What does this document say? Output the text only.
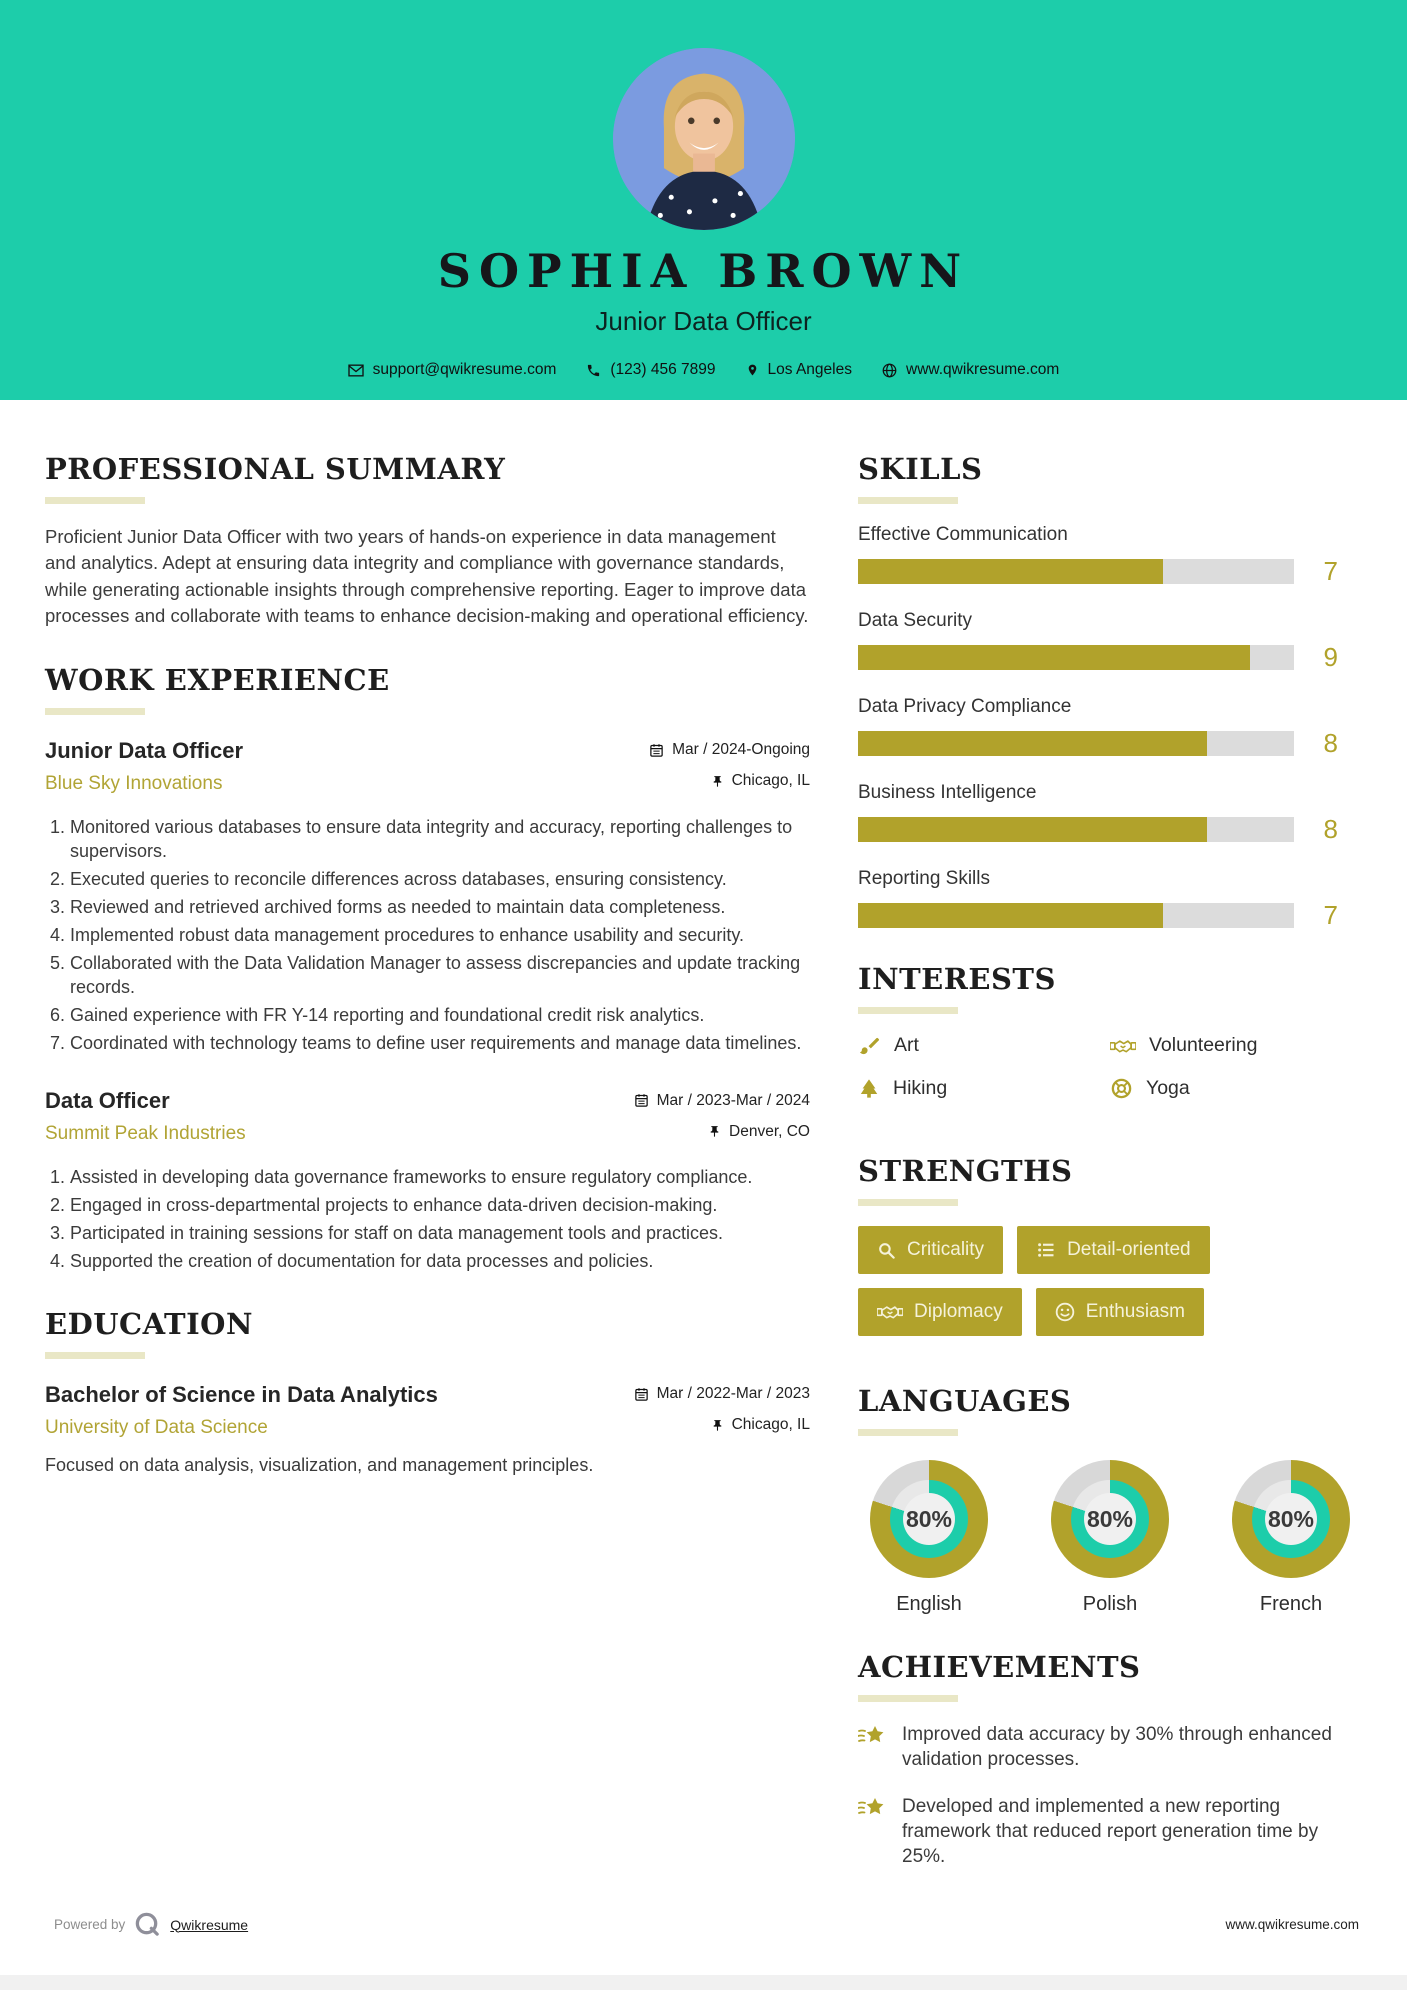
SOPHIA BROWN
Junior Data Officer
support@qwikresume.com	(123) 456 7899	Los Angeles	www.qwikresume.com
PROFESSIONAL SUMMARY

Proficient Junior Data Officer with two years of hands-on experience in data management and analytics. Adept at ensuring data integrity and compliance with governance standards, while generating actionable insights through comprehensive reporting. Eager to improve data processes and collaborate with teams to enhance decision-making and operational efficiency.

WORK EXPERIENCE
Junior Data Officer	Mar / 2024-Ongoing
Blue Sky Innovations	Chicago, IL
1. Monitored various databases to ensure data integrity and accuracy, reporting challenges to supervisors.
2. Executed queries to reconcile differences across databases, ensuring consistency.
3. Reviewed and retrieved archived forms as needed to maintain data completeness.
4. Implemented robust data management procedures to enhance usability and security.
5. Collaborated with the Data Validation Manager to assess discrepancies and update tracking records.
6. Gained experience with FR Y-14 reporting and foundational credit risk analytics.
7. Coordinated with technology teams to define user requirements and manage data timelines.
Data Officer	Mar / 2023-Mar / 2024
Summit Peak Industries	Denver, CO
1. Assisted in developing data governance frameworks to ensure regulatory compliance.
2. Engaged in cross-departmental projects to enhance data-driven decision-making.
3. Participated in training sessions for staff on data management tools and practices.
4. Supported the creation of documentation for data processes and policies.
EDUCATION
Bachelor of Science in Data Analytics	Mar / 2022-Mar / 2023
University of Data Science	Chicago, IL

Focused on data analysis, visualization, and management principles.

SKILLS
Effective Communication
7
Data Security
9
Data Privacy Compliance
8
Business Intelligence
8
Reporting Skills
7
INTERESTS
Art	Volunteering
Hiking	Yoga
STRENGTHS
Criticality	Detail-oriented
Diplomacy	Enthusiasm
LANGUAGES
80%
English
80%
Polish
80%
French
ACHIEVEMENTS
Improved data accuracy by 30% through enhanced validation processes.
Developed and implemented a new reporting framework that reduced report generation time by 25%.
Powered by	Qwikresume	www.qwikresume.com
